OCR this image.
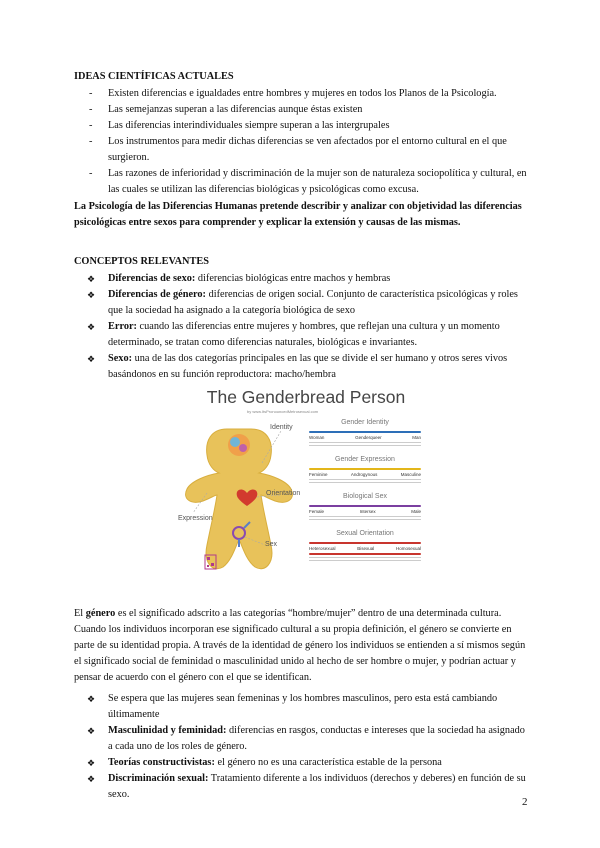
IDEAS CIENTÍFICAS ACTUALES
- Existen diferencias e igualdades entre hombres y mujeres en todos los Planos de la Psicología.
- Las semejanzas superan a las diferencias aunque éstas existen
- Las diferencias interindividuales siempre superan a las intergrupales
- Los instrumentos para medir dichas diferencias se ven afectados por el entorno cultural en el que surgieron.
- Las razones de inferioridad y discriminación de la mujer son de naturaleza sociopolítica y cultural, en las cuales se utilizan las diferencias biológicas y psicológicas como excusa.
La Psicología de las Diferencias Humanas pretende describir y analizar con objetividad las diferencias psicológicas entre sexos para comprender y explicar la extensión y causas de las mismas.
CONCEPTOS RELEVANTES
❖ Diferencias de sexo: diferencias biológicas entre machos y hembras
❖ Diferencias de género: diferencias de origen social. Conjunto de característica psicológicas y roles que la sociedad ha asignado a la categoría biológica de sexo
❖ Error: cuando las diferencias entre mujeres y hombres, que reflejan una cultura y un momento determinado, se tratan como diferencias naturales, biológicas e invariantes.
❖ Sexo: una de las dos categorías principales en las que se divide el ser humano y otros seres vivos basándonos en su función reproductora: macho/hembra
The Genderbread Person
by www.ItsPronouncedMetrosexual.com
Identity
Orientation
Expression
Sex
Gender Identity
Woman	Genderqueer	Man
Gender Expression
Feminine	Androgynous	Masculine
Biological Sex
Female	Intersex	Male
Sexual Orientation
Heterosexual	Bisexual	Homosexual
El género es el significado adscrito a las categorías “hombre/mujer” dentro de una determinada cultura. Cuando los individuos incorporan ese significado cultural a su propia definición, el género se convierte en parte de su identidad propia. A través de la identidad de género los individuos se entienden a sí mismos según el significado social de feminidad o masculinidad unido al hecho de ser hombre o mujer, y podrían actuar y pensar de acuerdo con el género con el que se identifican.
❖ Se espera que las mujeres sean femeninas y los hombres masculinos, pero esta está cambiando últimamente
❖ Masculinidad y feminidad: diferencias en rasgos, conductas e intereses que la sociedad ha asignado a cada uno de los roles de género.
❖ Teorías constructivistas: el género no es una característica estable de la persona
❖ Discriminación sexual: Tratamiento diferente a los individuos (derechos y deberes) en función de su sexo.
2
